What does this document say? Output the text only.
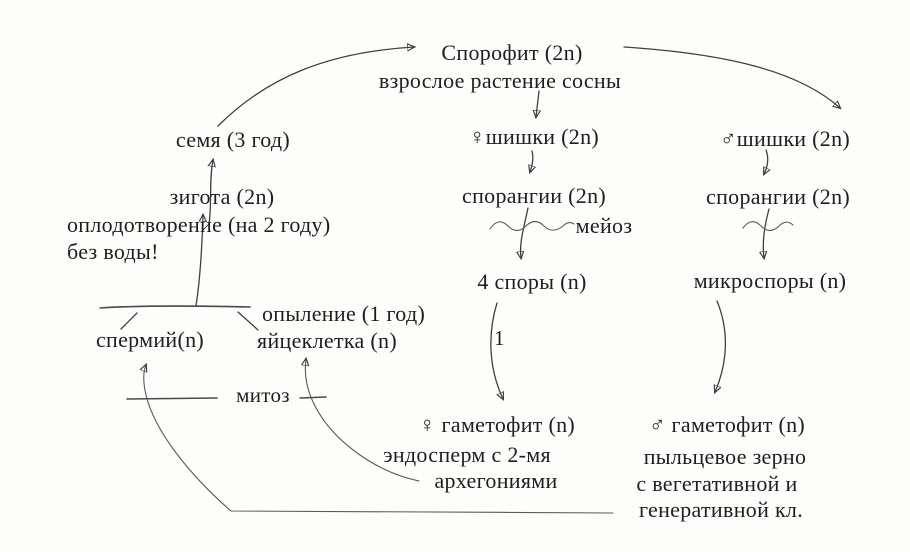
Спорофит (2n)
взрослое растение сосны
семя (3 год)
зигота (2n)
оплодотворение (на 2 году)
без воды!
опыление (1 год)
спермий(n) яйцеклетка (n)
митоз
♀шишки (2n)
спорангии (2n)
мейоз
4 споры (n)
1
♀ гаметофит (n)
эндосперм с 2-мя
архегониями
♂шишки (2n)
спорангии (2n)
микроспоры (n)
♂ гаметофит (n)
пыльцевое зерно
с вегетативной и
генеративной кл.
